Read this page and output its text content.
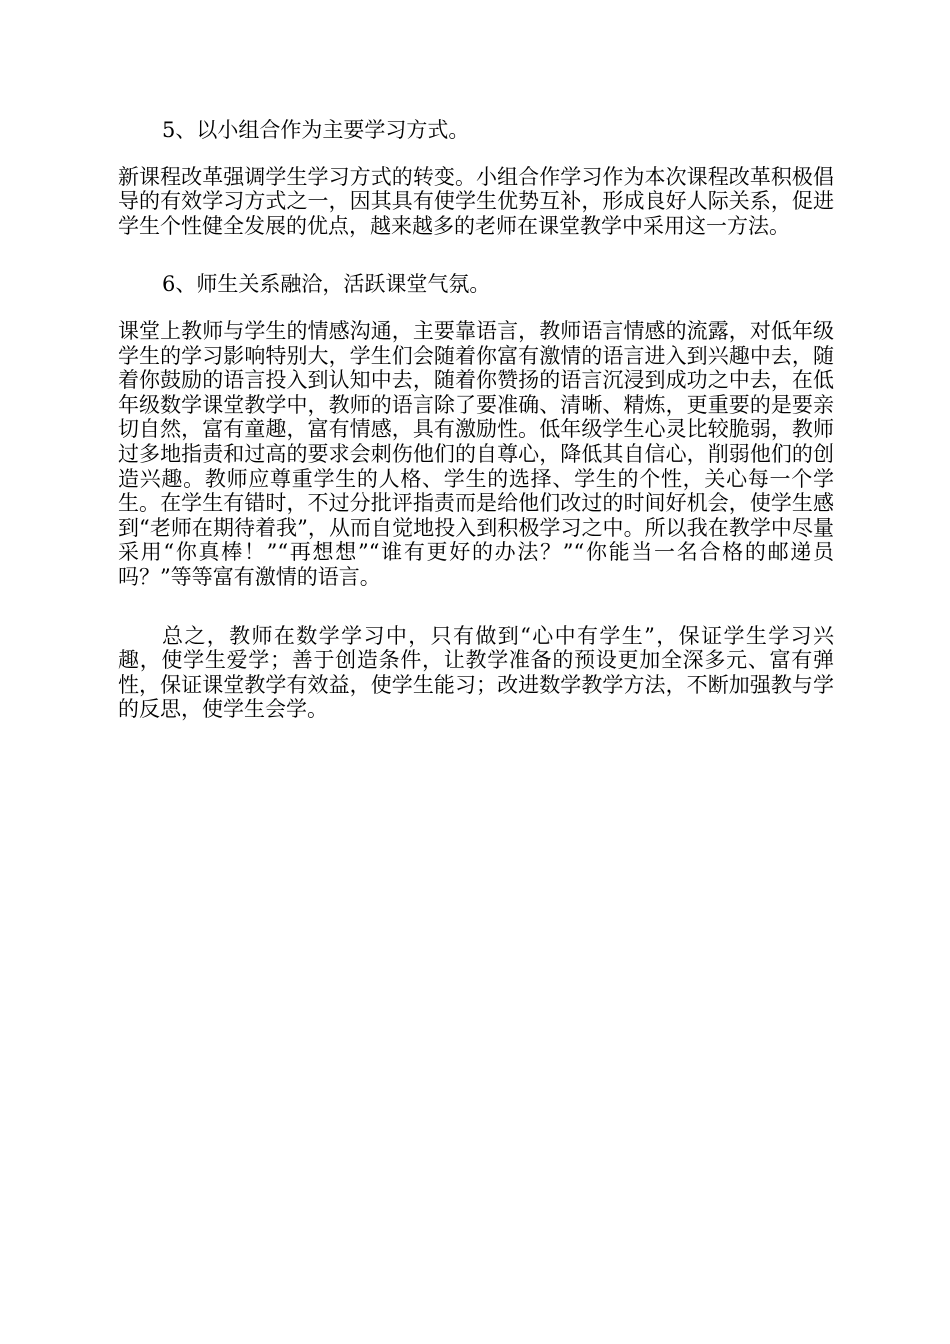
5、以小组合作为主要学习方式。

新课程改革强调学生学习方式的转变。小组合作学习作为本次课程改革积极倡导的有效学习方式之一，因其具有使学生优势互补，形成良好人际关系，促进学生个性健全发展的优点，越来越多的老师在课堂教学中采用这一方法。

6、师生关系融洽，活跃课堂气氛。

课堂上教师与学生的情感沟通，主要靠语言，教师语言情感的流露，对低年级学生的学习影响特别大，学生们会随着你富有激情的语言进入到兴趣中去，随着你鼓励的语言投入到认知中去，随着你赞扬的语言沉浸到成功之中去，在低年级数学课堂教学中，教师的语言除了要准确、清晰、精炼，更重要的是要亲切自然，富有童趣，富有情感，具有激励性。低年级学生心灵比较脆弱，教师过多地指责和过高的要求会刺伤他们的自尊心，降低其自信心，削弱他们的创造兴趣。教师应尊重学生的人格、学生的选择、学生的个性，关心每一个学生。在学生有错时，不过分批评指责而是给他们改过的时间好机会，使学生感到“老师在期待着我”，从而自觉地投入到积极学习之中。所以我在教学中尽量采用“你真棒！”“再想想”“谁有更好的办法？”“你能当一名合格的邮递员吗？”等等富有激情的语言。

总之，教师在数学学习中，只有做到“心中有学生”，保证学生学习兴趣，使学生爱学；善于创造条件，让教学准备的预设更加全深多元、富有弹性，保证课堂教学有效益，使学生能习；改进数学教学方法，不断加强教与学的反思，使学生会学。
